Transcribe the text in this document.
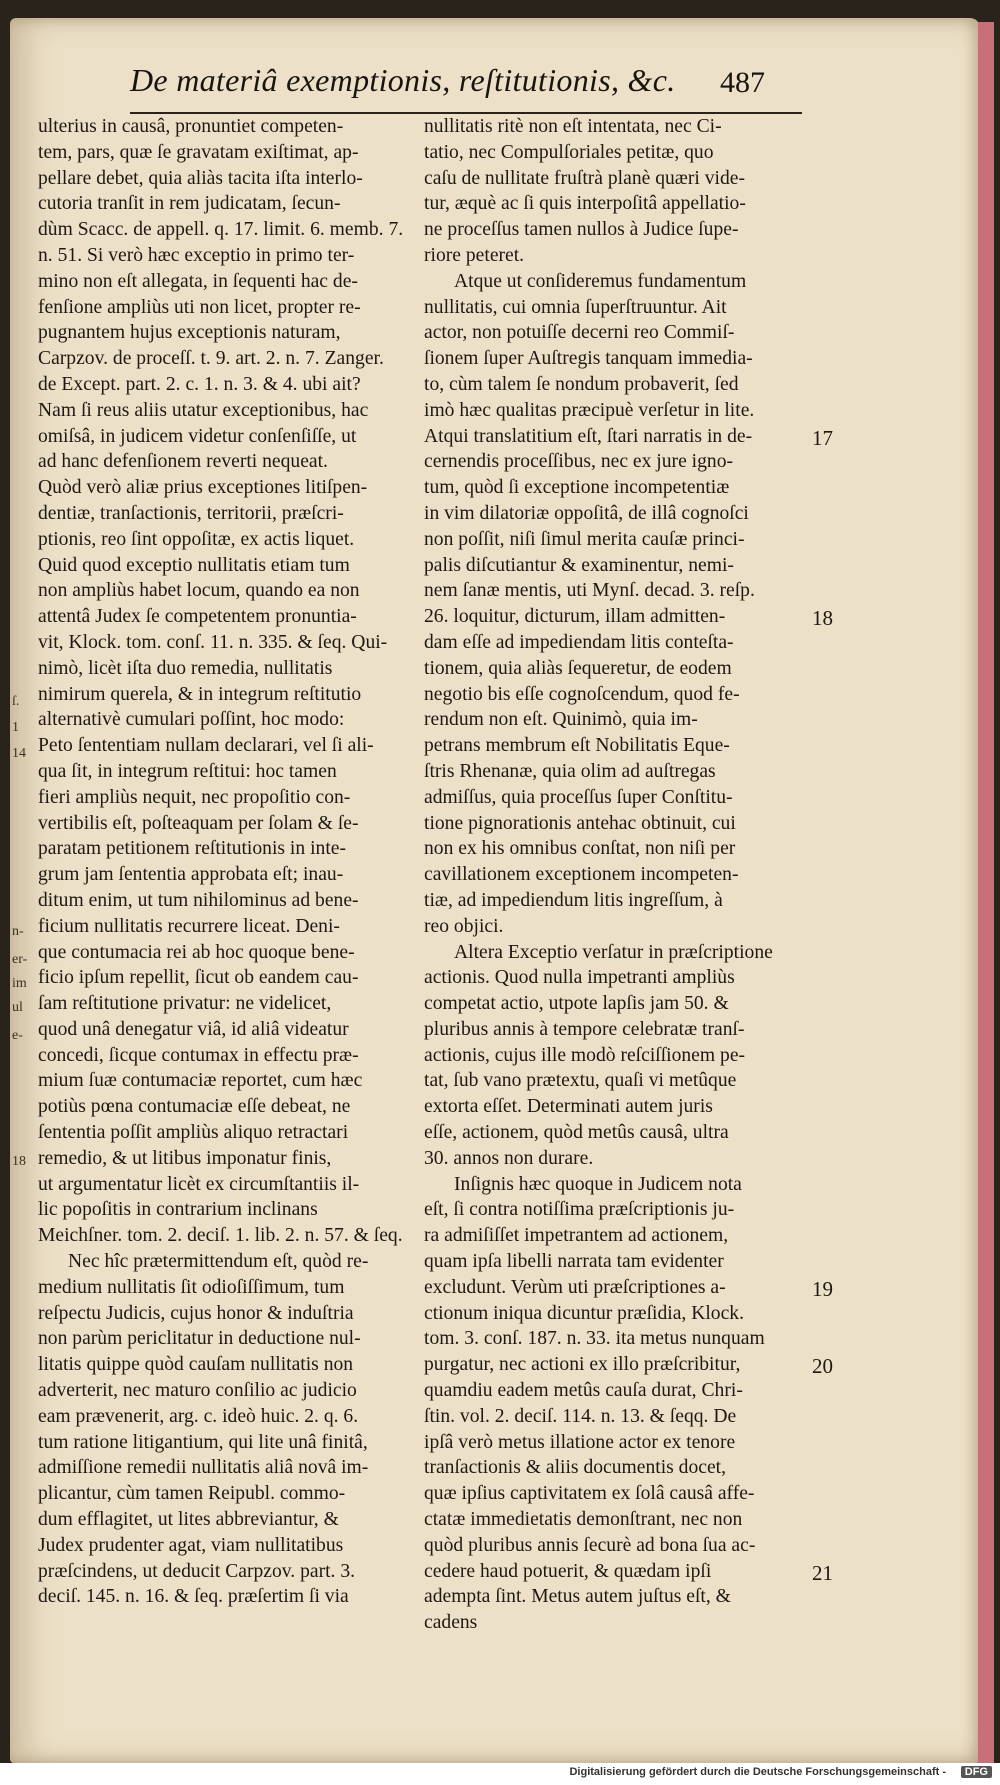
De materiâ exemptionis, reſtitutionis, &c. 487
ſ.
1
14
n-
er-
im
ul
e-
18
ulterius in causâ, pronuntiet competen-
tem, pars, quæ ſe gravatam exiſtimat, ap-
pellare debet, quia aliàs tacita iſta interlo-
cutoria tranſit in rem judicatam, ſecun-
dùm Scacc. de appell. q. 17. limit. 6. memb. 7.
n. 51. Si verò hæc exceptio in primo ter-
mino non eſt allegata, in ſequenti hac de-
fenſione ampliùs uti non licet, propter re-
pugnantem hujus exceptionis naturam,
Carpzov. de proceſſ. t. 9. art. 2. n. 7. Zanger.
de Except. part. 2. c. 1. n. 3. & 4. ubi ait?
Nam ſi reus aliis utatur exceptionibus, hac
omiſsâ, in judicem videtur conſenſiſſe, ut
ad hanc defenſionem reverti nequeat.
Quòd verò aliæ prius exceptiones litiſpen-
dentiæ, tranſactionis, territorii, præſcri-
ptionis, reo ſint oppoſitæ, ex actis liquet.
Quid quod exceptio nullitatis etiam tum
non ampliùs habet locum, quando ea non
attentâ Judex ſe competentem pronuntia-
vit, Klock. tom. conſ. 11. n. 335. & ſeq. Qui-
nimò, licèt iſta duo remedia, nullitatis
nimirum querela, & in integrum reſtitutio
alternativè cumulari poſſint, hoc modo:
Peto ſententiam nullam declarari, vel ſi ali-
qua ſit, in integrum reſtitui: hoc tamen
fieri ampliùs nequit, nec propoſitio con-
vertibilis eſt, poſteaquam per ſolam & ſe-
paratam petitionem reſtitutionis in inte-
grum jam ſententia approbata eſt; inau-
ditum enim, ut tum nihilominus ad bene-
ficium nullitatis recurrere liceat. Deni-
que contumacia rei ab hoc quoque bene-
ficio ipſum repellit, ſicut ob eandem cau-
ſam reſtitutione privatur: ne videlicet,
quod unâ denegatur viâ, id aliâ videatur
concedi, ſicque contumax in effectu præ-
mium ſuæ contumaciæ reportet, cum hæc
potiùs pœna contumaciæ eſſe debeat, ne
ſententia poſſit ampliùs aliquo retractari
remedio, & ut litibus imponatur finis,
ut argumentatur licèt ex circumſtantiis il-
lic popoſitis in contrarium inclinans
Meichſner. tom. 2. deciſ. 1. lib. 2. n. 57. & ſeq.
Nec hîc prætermittendum eſt, quòd re-
medium nullitatis ſit odioſiſſimum, tum
reſpectu Judicis, cujus honor & induſtria
non parùm periclitatur in deductione nul-
litatis quippe quòd cauſam nullitatis non
adverterit, nec maturo conſilio ac judicio
eam prævenerit, arg. c. ideò huic. 2. q. 6.
tum ratione litigantium, qui lite unâ finitâ,
admiſſione remedii nullitatis aliâ novâ im-
plicantur, cùm tamen Reipubl. commo-
dum efflagitet, ut lites abbreviantur, &
Judex prudenter agat, viam nullitatibus
præſcindens, ut deducit Carpzov. part. 3.
deciſ. 145. n. 16. & ſeq. præſertim ſi via
nullitatis ritè non eſt intentata, nec Ci-
tatio, nec Compulſoriales petitæ, quo
caſu de nullitate fruſtrà planè quæri vide-
tur, æquè ac ſi quis interpoſitâ appellatio-
ne proceſſus tamen nullos à Judice ſupe-
riore peteret.
Atque ut conſideremus fundamentum
nullitatis, cui omnia ſuperſtruuntur. Ait
actor, non potuiſſe decerni reo Commiſ-
ſionem ſuper Auſtregis tanquam immedia-
to, cùm talem ſe nondum probaverit, ſed
imò hæc qualitas præcipuè verſetur in lite.
Atqui translatitium eſt, ſtari narratis in de-
cernendis proceſſibus, nec ex jure igno-
tum, quòd ſi exceptione incompetentiæ
in vim dilatoriæ oppoſitâ, de illâ cognoſci
non poſſit, niſi ſimul merita cauſæ princi-
palis diſcutiantur & examinentur, nemi-
nem ſanæ mentis, uti Mynſ. decad. 3. reſp.
26. loquitur, dicturum, illam admitten-
dam eſſe ad impediendam litis conteſta-
tionem, quia aliàs ſequeretur, de eodem
negotio bis eſſe cognoſcendum, quod fe-
rendum non eſt. Quinimò, quia im-
petrans membrum eſt Nobilitatis Eque-
ſtris Rhenanæ, quia olim ad auſtregas
admiſſus, quia proceſſus ſuper Conſtitu-
tione pignorationis antehac obtinuit, cui
non ex his omnibus conſtat, non niſi per
cavillationem exceptionem incompeten-
tiæ, ad impediendum litis ingreſſum, à
reo objici.
Altera Exceptio verſatur in præſcriptione
actionis. Quod nulla impetranti ampliùs
competat actio, utpote lapſis jam 50. &
pluribus annis à tempore celebratæ tranſ-
actionis, cujus ille modò reſciſſionem pe-
tat, ſub vano prætextu, quaſi vi metûque
extorta eſſet. Determinati autem juris
eſſe, actionem, quòd metûs causâ, ultra
30. annos non durare.
Inſignis hæc quoque in Judicem nota
eſt, ſi contra notiſſima præſcriptionis ju-
ra admiſiſſet impetrantem ad actionem,
quam ipſa libelli narrata tam evidenter
excludunt. Verùm uti præſcriptiones a-
ctionum iniqua dicuntur præſidia, Klock.
tom. 3. conſ. 187. n. 33. ita metus nunquam
purgatur, nec actioni ex illo præſcribitur,
quamdiu eadem metûs cauſa durat, Chri-
ſtin. vol. 2. deciſ. 114. n. 13. & ſeqq. De
ipſâ verò metus illatione actor ex tenore
tranſactionis & aliis documentis docet,
quæ ipſius captivitatem ex ſolâ causâ affe-
ctatæ immedietatis demonſtrant, nec non
quòd pluribus annis ſecurè ad bona ſua ac-
cedere haud potuerit, & quædam ipſi
adempta ſint. Metus autem juſtus eſt, &
cadens
17
18
19
20
21
Digitalisierung gefördert durch die Deutsche Forschungsgemeinschaft -	DFG
